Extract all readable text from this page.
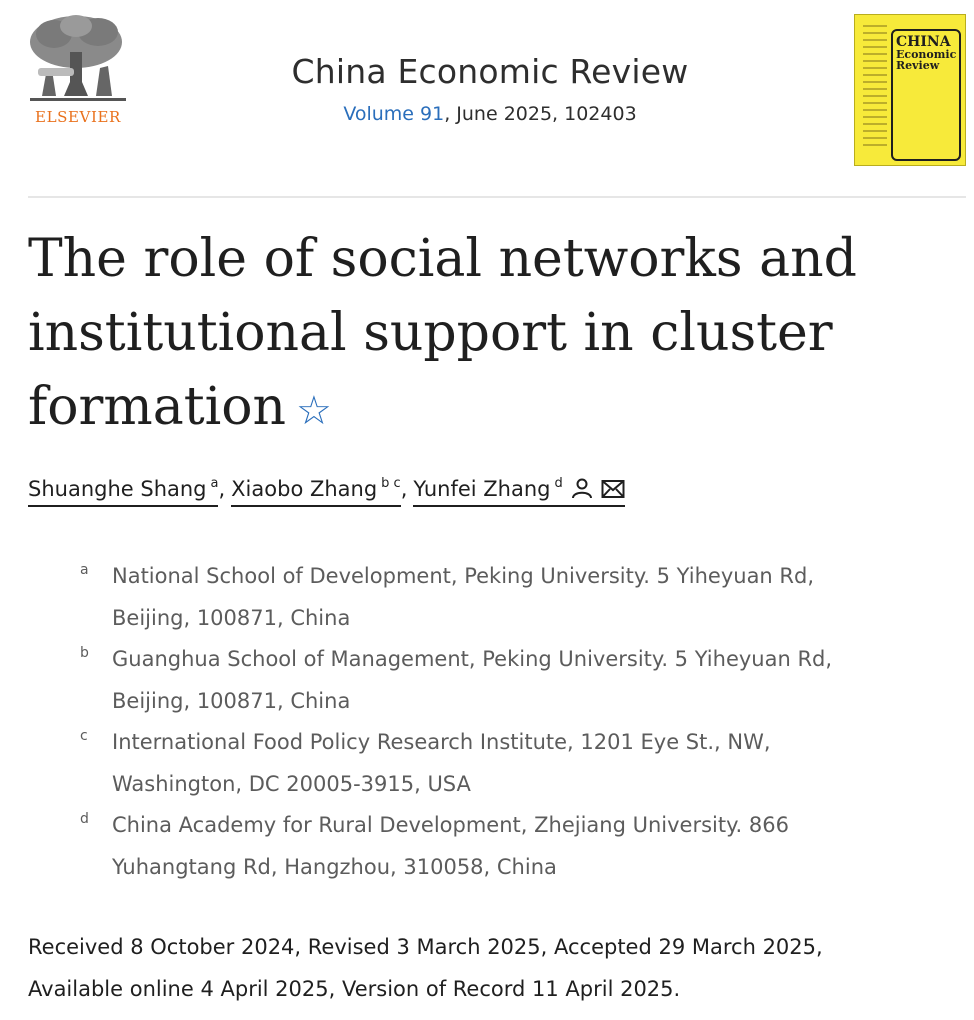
ELSEVIER
China Economic Review
Volume 91, June 2025, 102403
CHINA
Economic
Review
The role of social networks and
institutional support in cluster
formation ☆
Shuanghe Shang $^a$, Xiaobo Zhang $^{b c}$, Yunfei Zhang $^d$
a National School of Development, Peking University. 5 Yiheyuan Rd,
Beijing, 100871, China
b Guanghua School of Management, Peking University. 5 Yiheyuan Rd,
Beijing, 100871, China
c International Food Policy Research Institute, 1201 Eye St., NW,
Washington, DC 20005-3915, USA
d China Academy for Rural Development, Zhejiang University. 866
Yuhangtang Rd, Hangzhou, 310058, China
Received 8 October 2024, Revised 3 March 2025, Accepted 29 March 2025,
Available online 4 April 2025, Version of Record 11 April 2025.
